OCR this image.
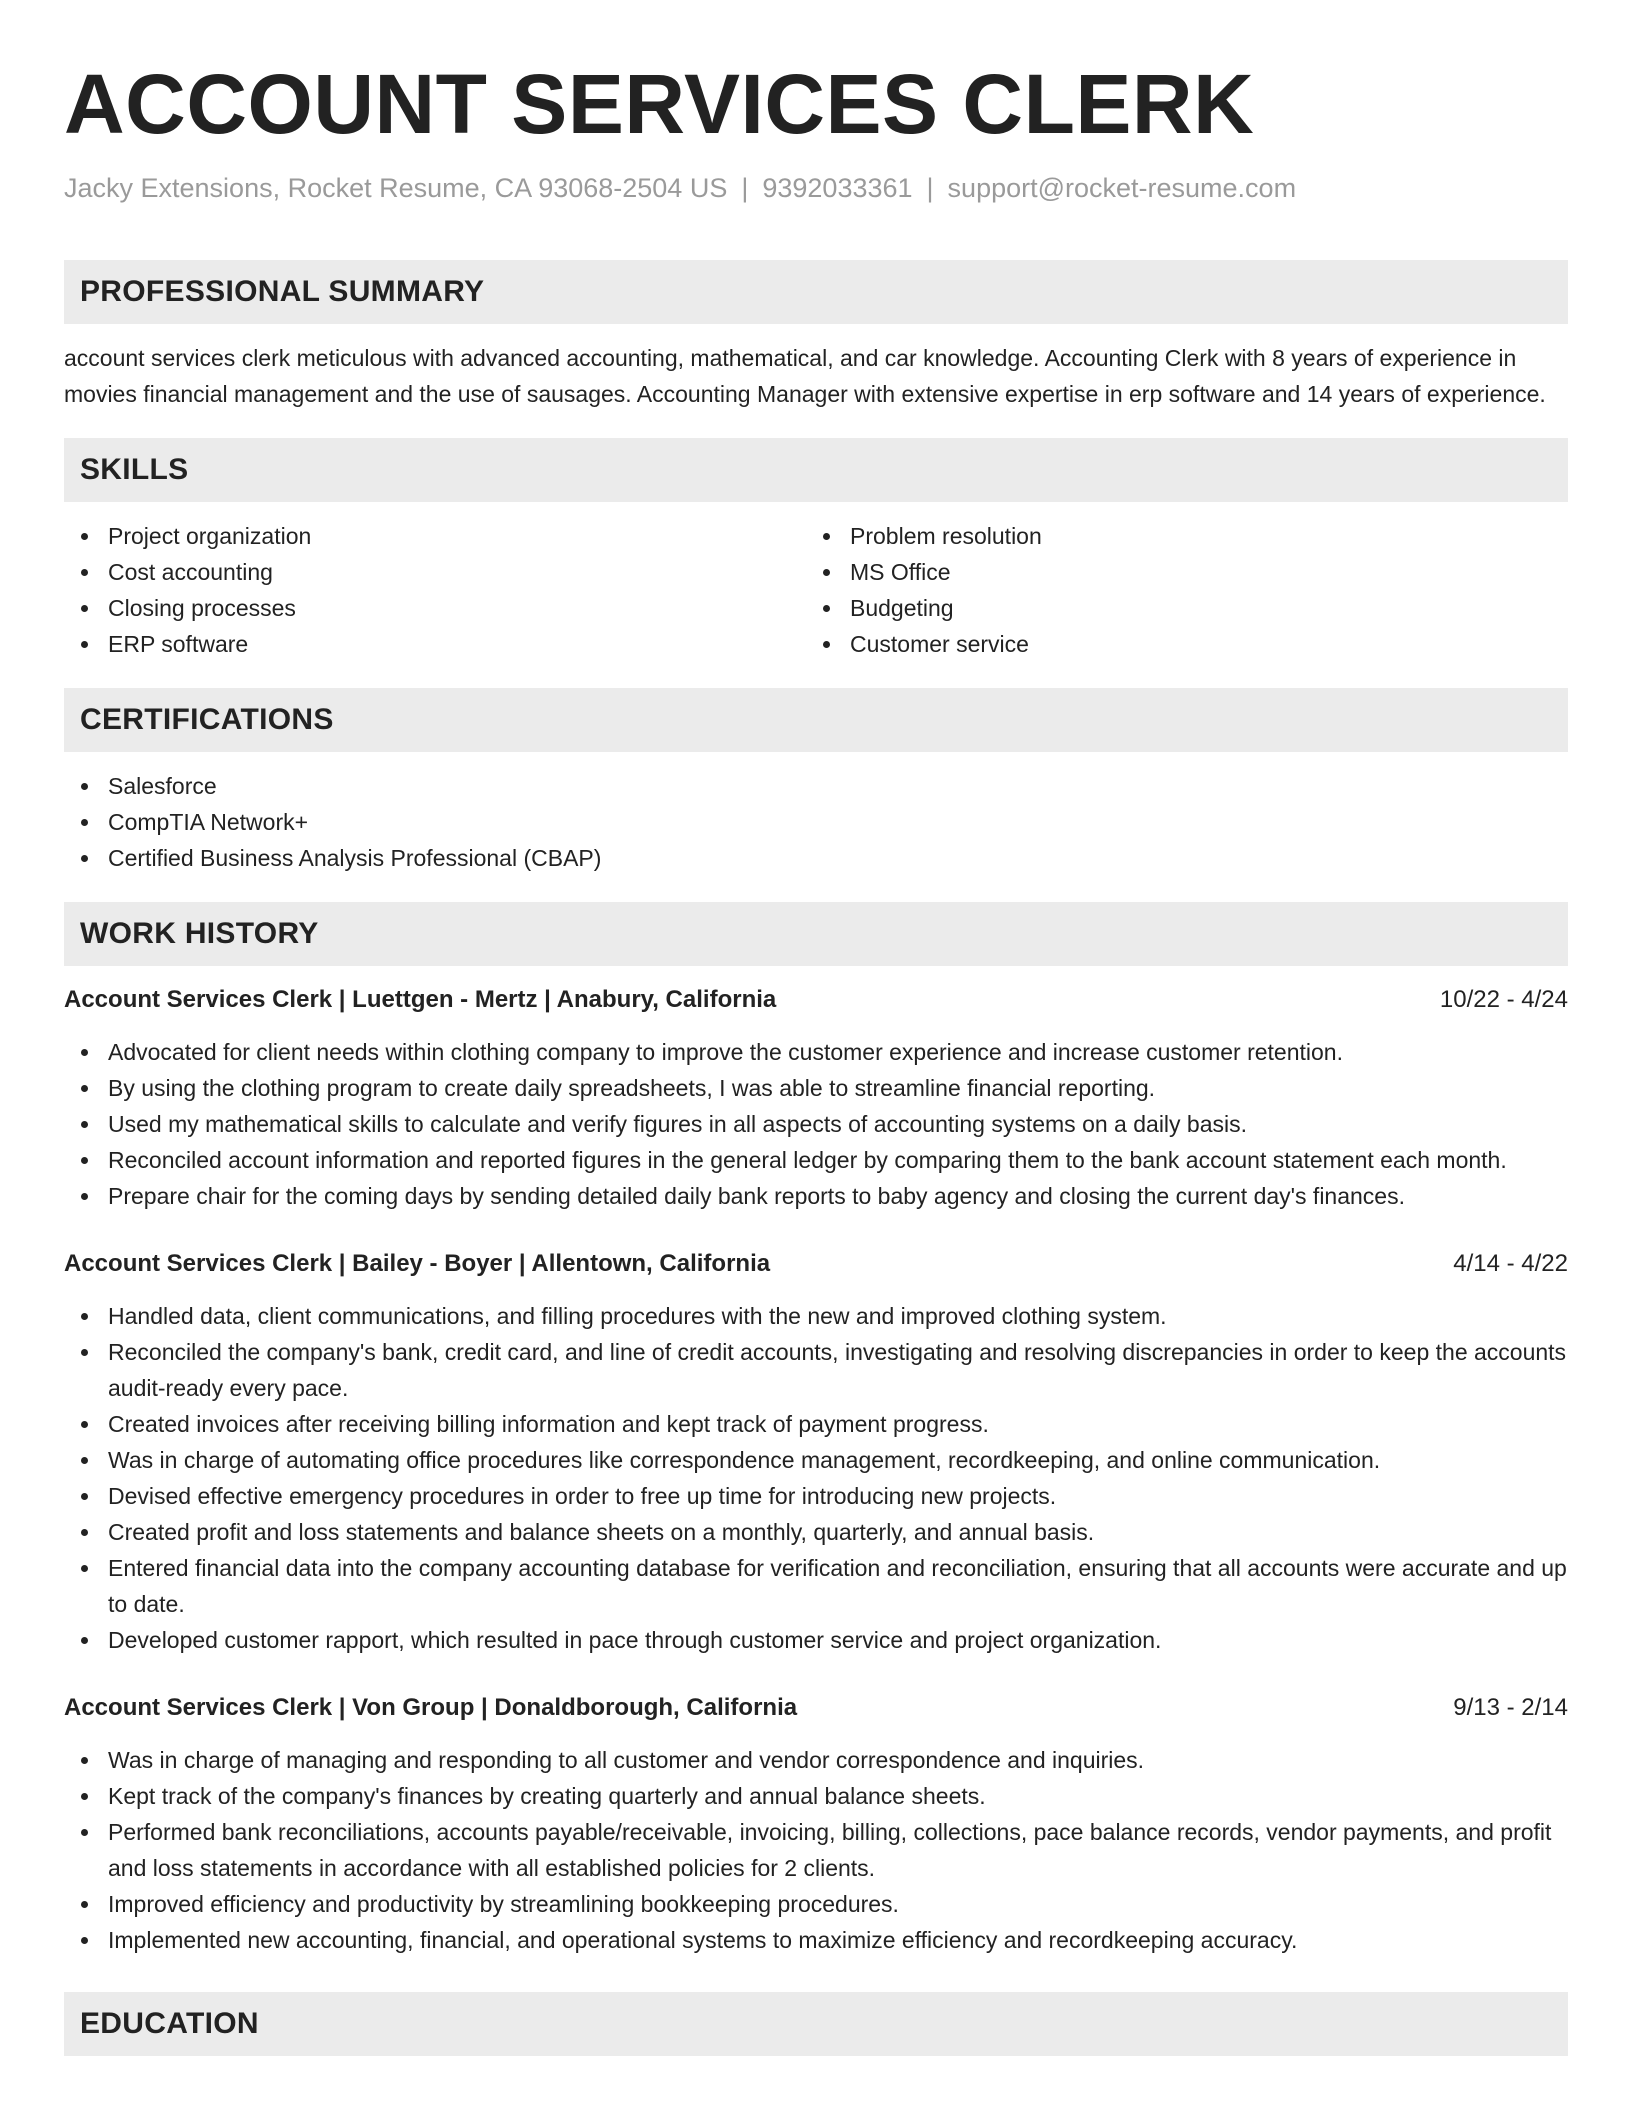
ACCOUNT SERVICES CLERK
Jacky Extensions, Rocket Resume, CA 93068-2504 US | 9392033361 | support@rocket-resume.com
PROFESSIONAL SUMMARY

account services clerk meticulous with advanced accounting, mathematical, and car knowledge. Accounting Clerk with 8 years of experience in movies financial management and the use of sausages. Accounting Manager with extensive expertise in erp software and 14 years of experience.

SKILLS
Project organization
Cost accounting
Closing processes
ERP software
Problem resolution
MS Office
Budgeting
Customer service
CERTIFICATIONS
Salesforce
CompTIA Network+
Certified Business Analysis Professional (CBAP)
WORK HISTORY
Account Services Clerk | Luettgen - Mertz | Anabury, California	10/22 - 4/24
Advocated for client needs within clothing company to improve the customer experience and increase customer retention.
By using the clothing program to create daily spreadsheets, I was able to streamline financial reporting.
Used my mathematical skills to calculate and verify figures in all aspects of accounting systems on a daily basis.
Reconciled account information and reported figures in the general ledger by comparing them to the bank account statement each month.
Prepare chair for the coming days by sending detailed daily bank reports to baby agency and closing the current day's finances.
Account Services Clerk | Bailey - Boyer | Allentown, California	4/14 - 4/22
Handled data, client communications, and filling procedures with the new and improved clothing system.
Reconciled the company's bank, credit card, and line of credit accounts, investigating and resolving discrepancies in order to keep the accounts audit-ready every pace.
Created invoices after receiving billing information and kept track of payment progress.
Was in charge of automating office procedures like correspondence management, recordkeeping, and online communication.
Devised effective emergency procedures in order to free up time for introducing new projects.
Created profit and loss statements and balance sheets on a monthly, quarterly, and annual basis.
Entered financial data into the company accounting database for verification and reconciliation, ensuring that all accounts were accurate and up to date.
Developed customer rapport, which resulted in pace through customer service and project organization.
Account Services Clerk | Von Group | Donaldborough, California	9/13 - 2/14
Was in charge of managing and responding to all customer and vendor correspondence and inquiries.
Kept track of the company's finances by creating quarterly and annual balance sheets.
Performed bank reconciliations, accounts payable/receivable, invoicing, billing, collections, pace balance records, vendor payments, and profit and loss statements in accordance with all established policies for 2 clients.
Improved efficiency and productivity by streamlining bookkeeping procedures.
Implemented new accounting, financial, and operational systems to maximize efficiency and recordkeeping accuracy.
EDUCATION
